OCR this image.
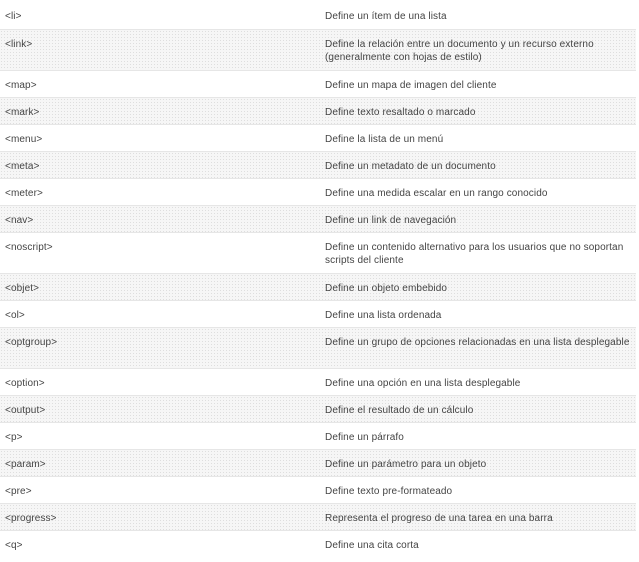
<li>	Define un ítem de una lista
<link>	Define la relación entre un documento y un recurso externo (generalmente con hojas de estilo)
<map>	Define un mapa de imagen del cliente
<mark>	Define texto resaltado o marcado
<menu>	Define la lista de un menú
<meta>	Define un metadato de un documento
<meter>	Define una medida escalar en un rango conocido
<nav>	Define un link de navegación
<noscript>	Define un contenido alternativo para los usuarios que no soportan scripts del cliente
<objet>	Define un objeto embebido
<ol>	Define una lista ordenada
<optgroup>	Define un grupo de opciones relacionadas en una lista desplegable
<option>	Define una opción en una lista desplegable
<output>	Define el resultado de un cálculo
<p>	Define un párrafo
<param>	Define un parámetro para un objeto
<pre>	Define texto pre-formateado
<progress>	Representa el progreso de una tarea en una barra
<q>	Define una cita corta
